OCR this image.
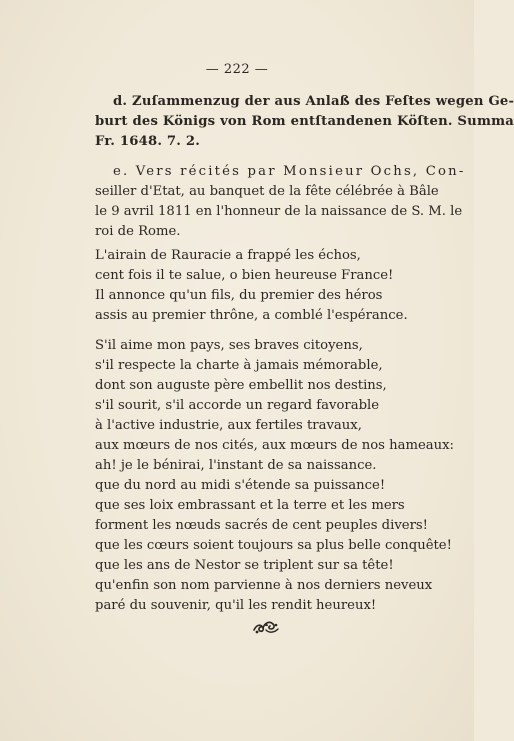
— 222 —
d. Zuſammenzug der aus Anlaß des Feſtes wegen Ge-
burt des Königs von Rom entſtandenen Köſten. Summa
Fr. 1648. 7. 2.
e. Vers récités par Monsieur Ochs, Con-
seiller d'Etat, au banquet de la fête célébrée à Bâle
le 9 avril 1811 en l'honneur de la naissance de S. M. le
roi de Rome.
L'airain de Rauracie a frappé les échos,
cent fois il te salue, o bien heureuse France!
Il annonce qu'un fils, du premier des héros
assis au premier thrône, a comblé l'espérance.
S'il aime mon pays, ses braves citoyens,
s'il respecte la charte à jamais mémorable,
dont son auguste père embellit nos destins,
s'il sourit, s'il accorde un regard favorable
à l'active industrie, aux fertiles travaux,
aux mœurs de nos cités, aux mœurs de nos hameaux:
ah! je le bénirai, l'instant de sa naissance.
que du nord au midi s'étende sa puissance!
que ses loix embrassant et la terre et les mers
forment les nœuds sacrés de cent peuples divers!
que les cœurs soient toujours sa plus belle conquête!
que les ans de Nestor se triplent sur sa tête!
qu'enfin son nom parvienne à nos derniers neveux
paré du souvenir, qu'il les rendit heureux!
